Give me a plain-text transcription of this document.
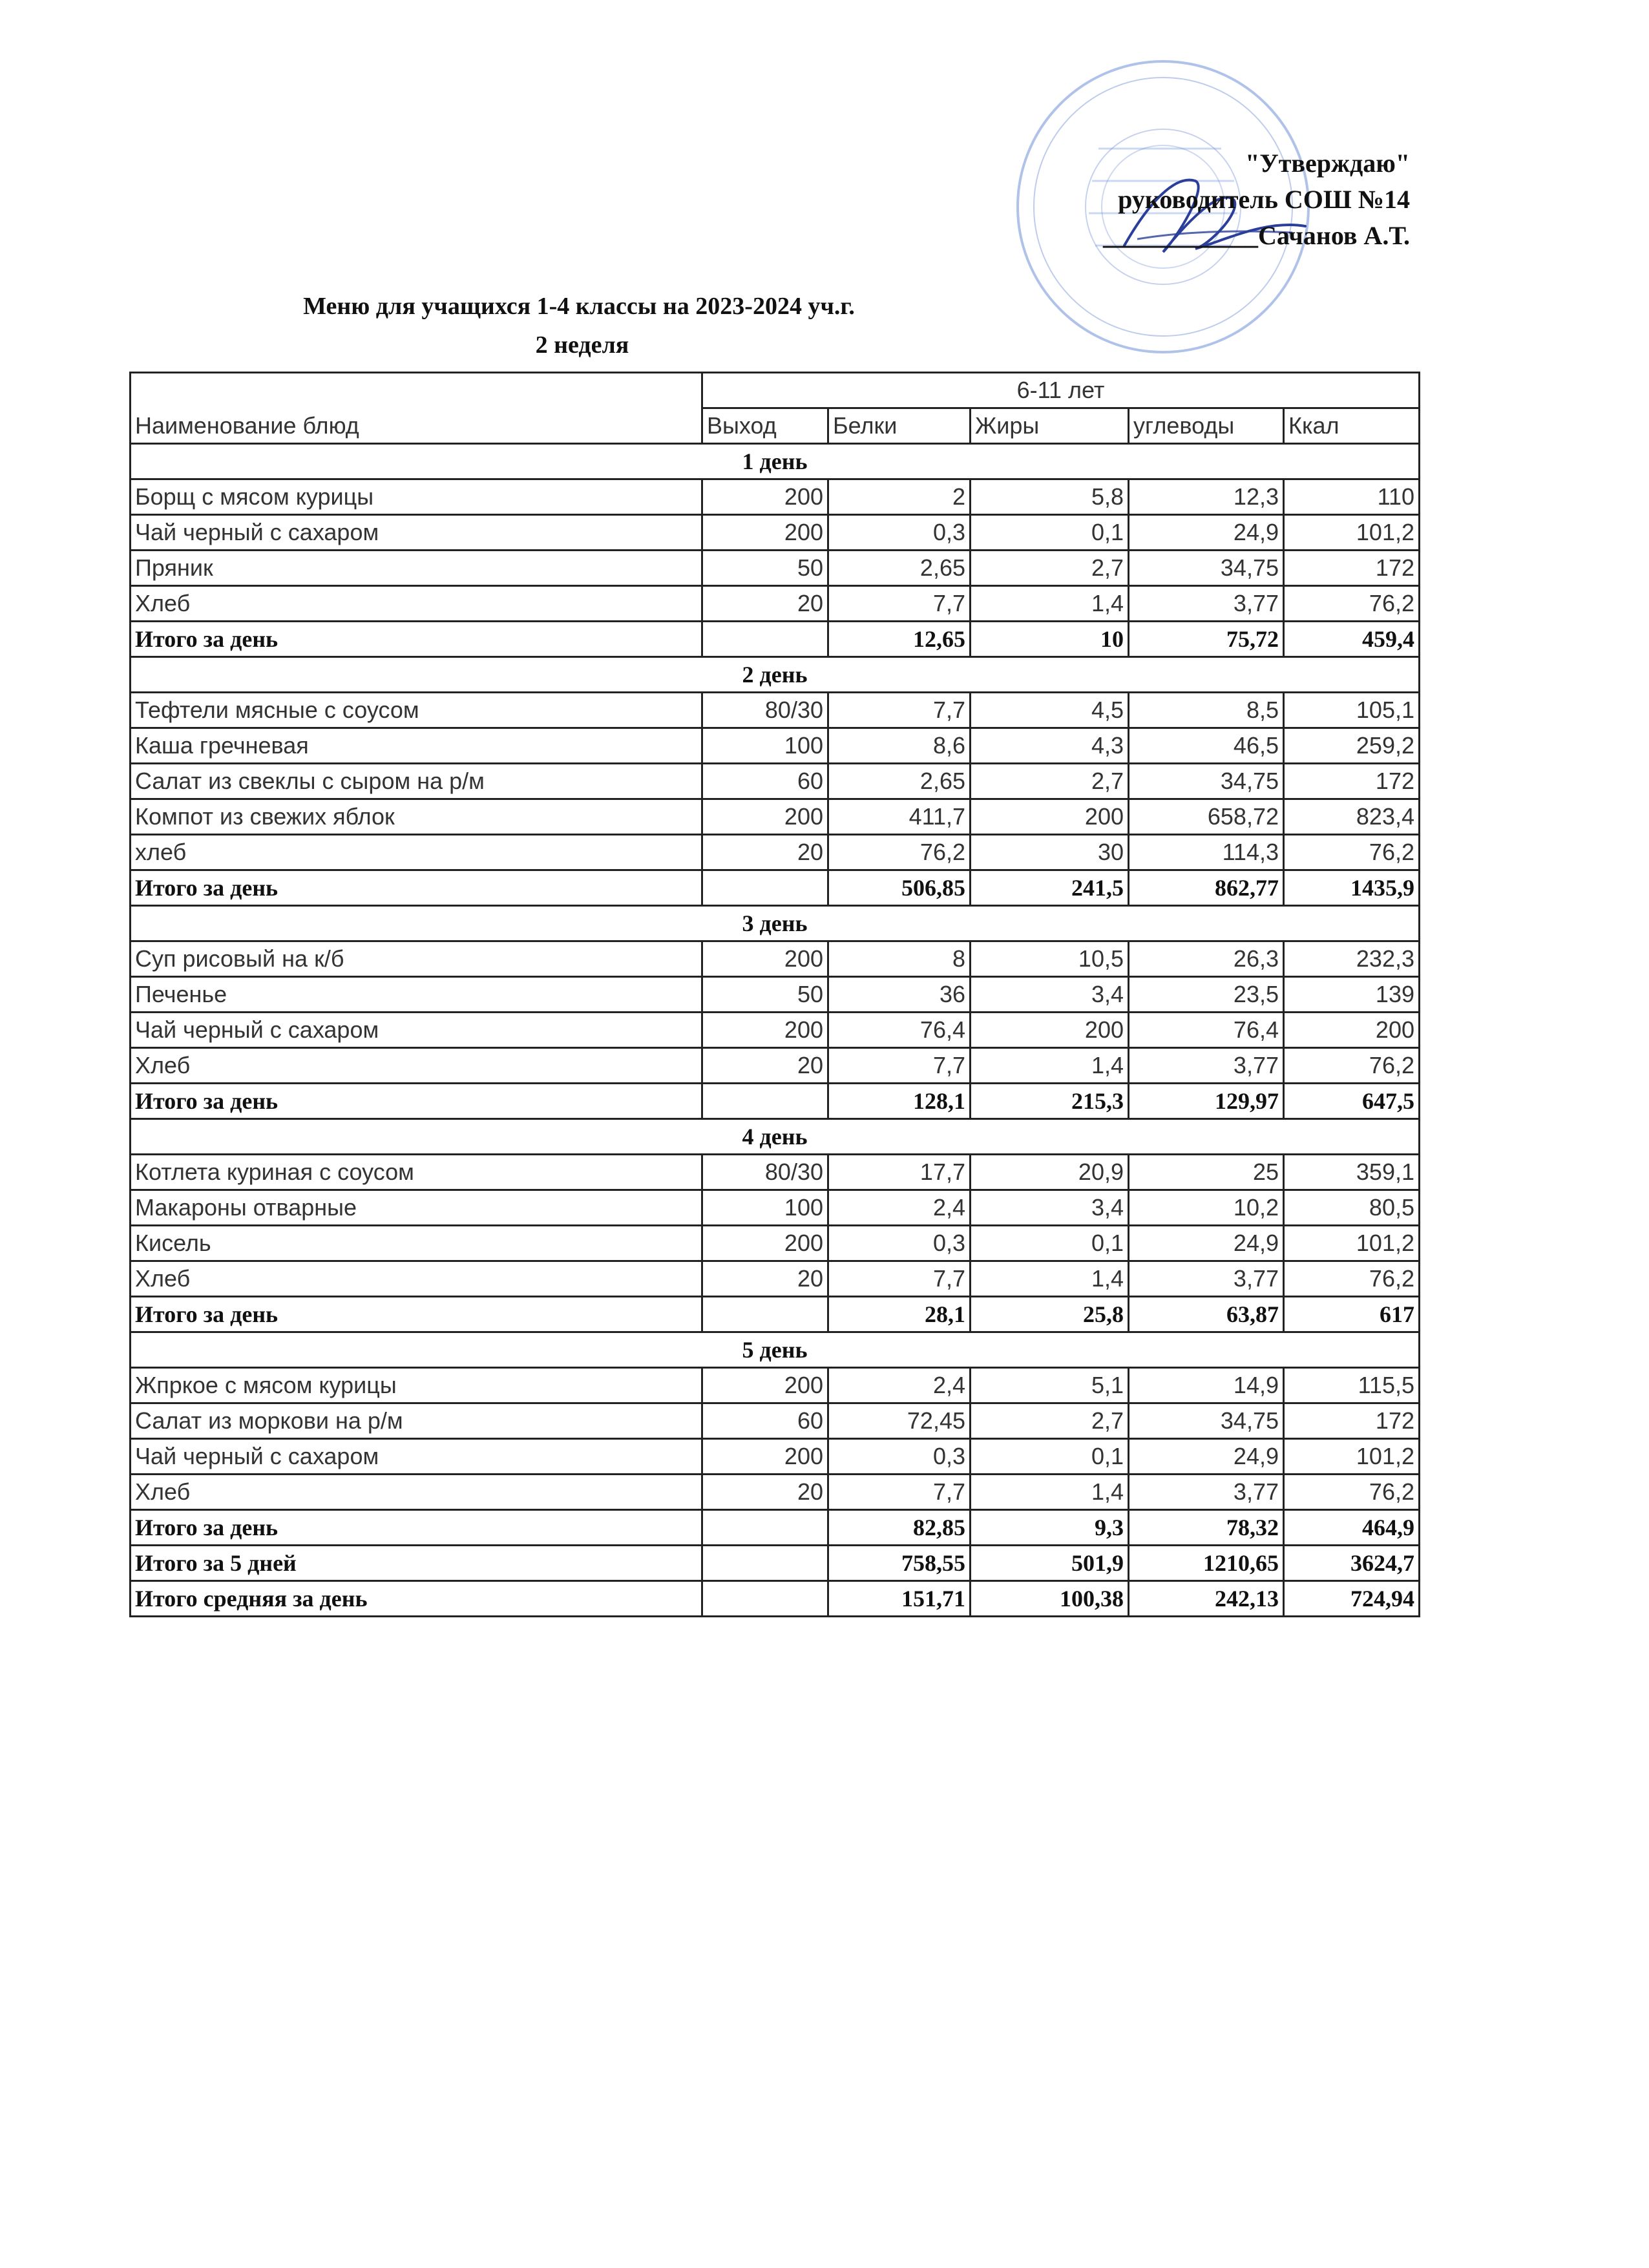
"Утверждаю"
руководитель СОШ №14
____________Сачанов А.Т.
Меню для учащихся 1-4 классы на 2023-2024 уч.г.
2 неделя
Наименование блюд	6-11 лет				
	Выход	Белки	Жиры	углеводы	Ккал
1 день					
Борщ с мясом курицы	200	2	5,8	12,3	110
Чай черный с сахаром	200	0,3	0,1	24,9	101,2
Пряник	50	2,65	2,7	34,75	172
Хлеб	20	7,7	1,4	3,77	76,2
Итого за день		12,65	10	75,72	459,4
2 день					
Тефтели мясные с соусом	80/30	7,7	4,5	8,5	105,1
Каша гречневая	100	8,6	4,3	46,5	259,2
Салат из свеклы с сыром на р/м	60	2,65	2,7	34,75	172
Компот из свежих яблок	200	411,7	200	658,72	823,4
хлеб	20	76,2	30	114,3	76,2
Итого за день		506,85	241,5	862,77	1435,9
3 день					
Суп рисовый на к/б	200	8	10,5	26,3	232,3
Печенье	50	36	3,4	23,5	139
Чай черный с сахаром	200	76,4	200	76,4	200
Хлеб	20	7,7	1,4	3,77	76,2
Итого за день		128,1	215,3	129,97	647,5
4 день					
Котлета куриная с соусом	80/30	17,7	20,9	25	359,1
Макароны отварные	100	2,4	3,4	10,2	80,5
Кисель	200	0,3	0,1	24,9	101,2
Хлеб	20	7,7	1,4	3,77	76,2
Итого за день		28,1	25,8	63,87	617
5 день					
Жпркое с мясом курицы	200	2,4	5,1	14,9	115,5
Салат из моркови на р/м	60	72,45	2,7	34,75	172
Чай черный с сахаром	200	0,3	0,1	24,9	101,2
Хлеб	20	7,7	1,4	3,77	76,2
Итого за день		82,85	9,3	78,32	464,9
Итого за 5 дней		758,55	501,9	1210,65	3624,7
Итого средняя за день		151,71	100,38	242,13	724,94
